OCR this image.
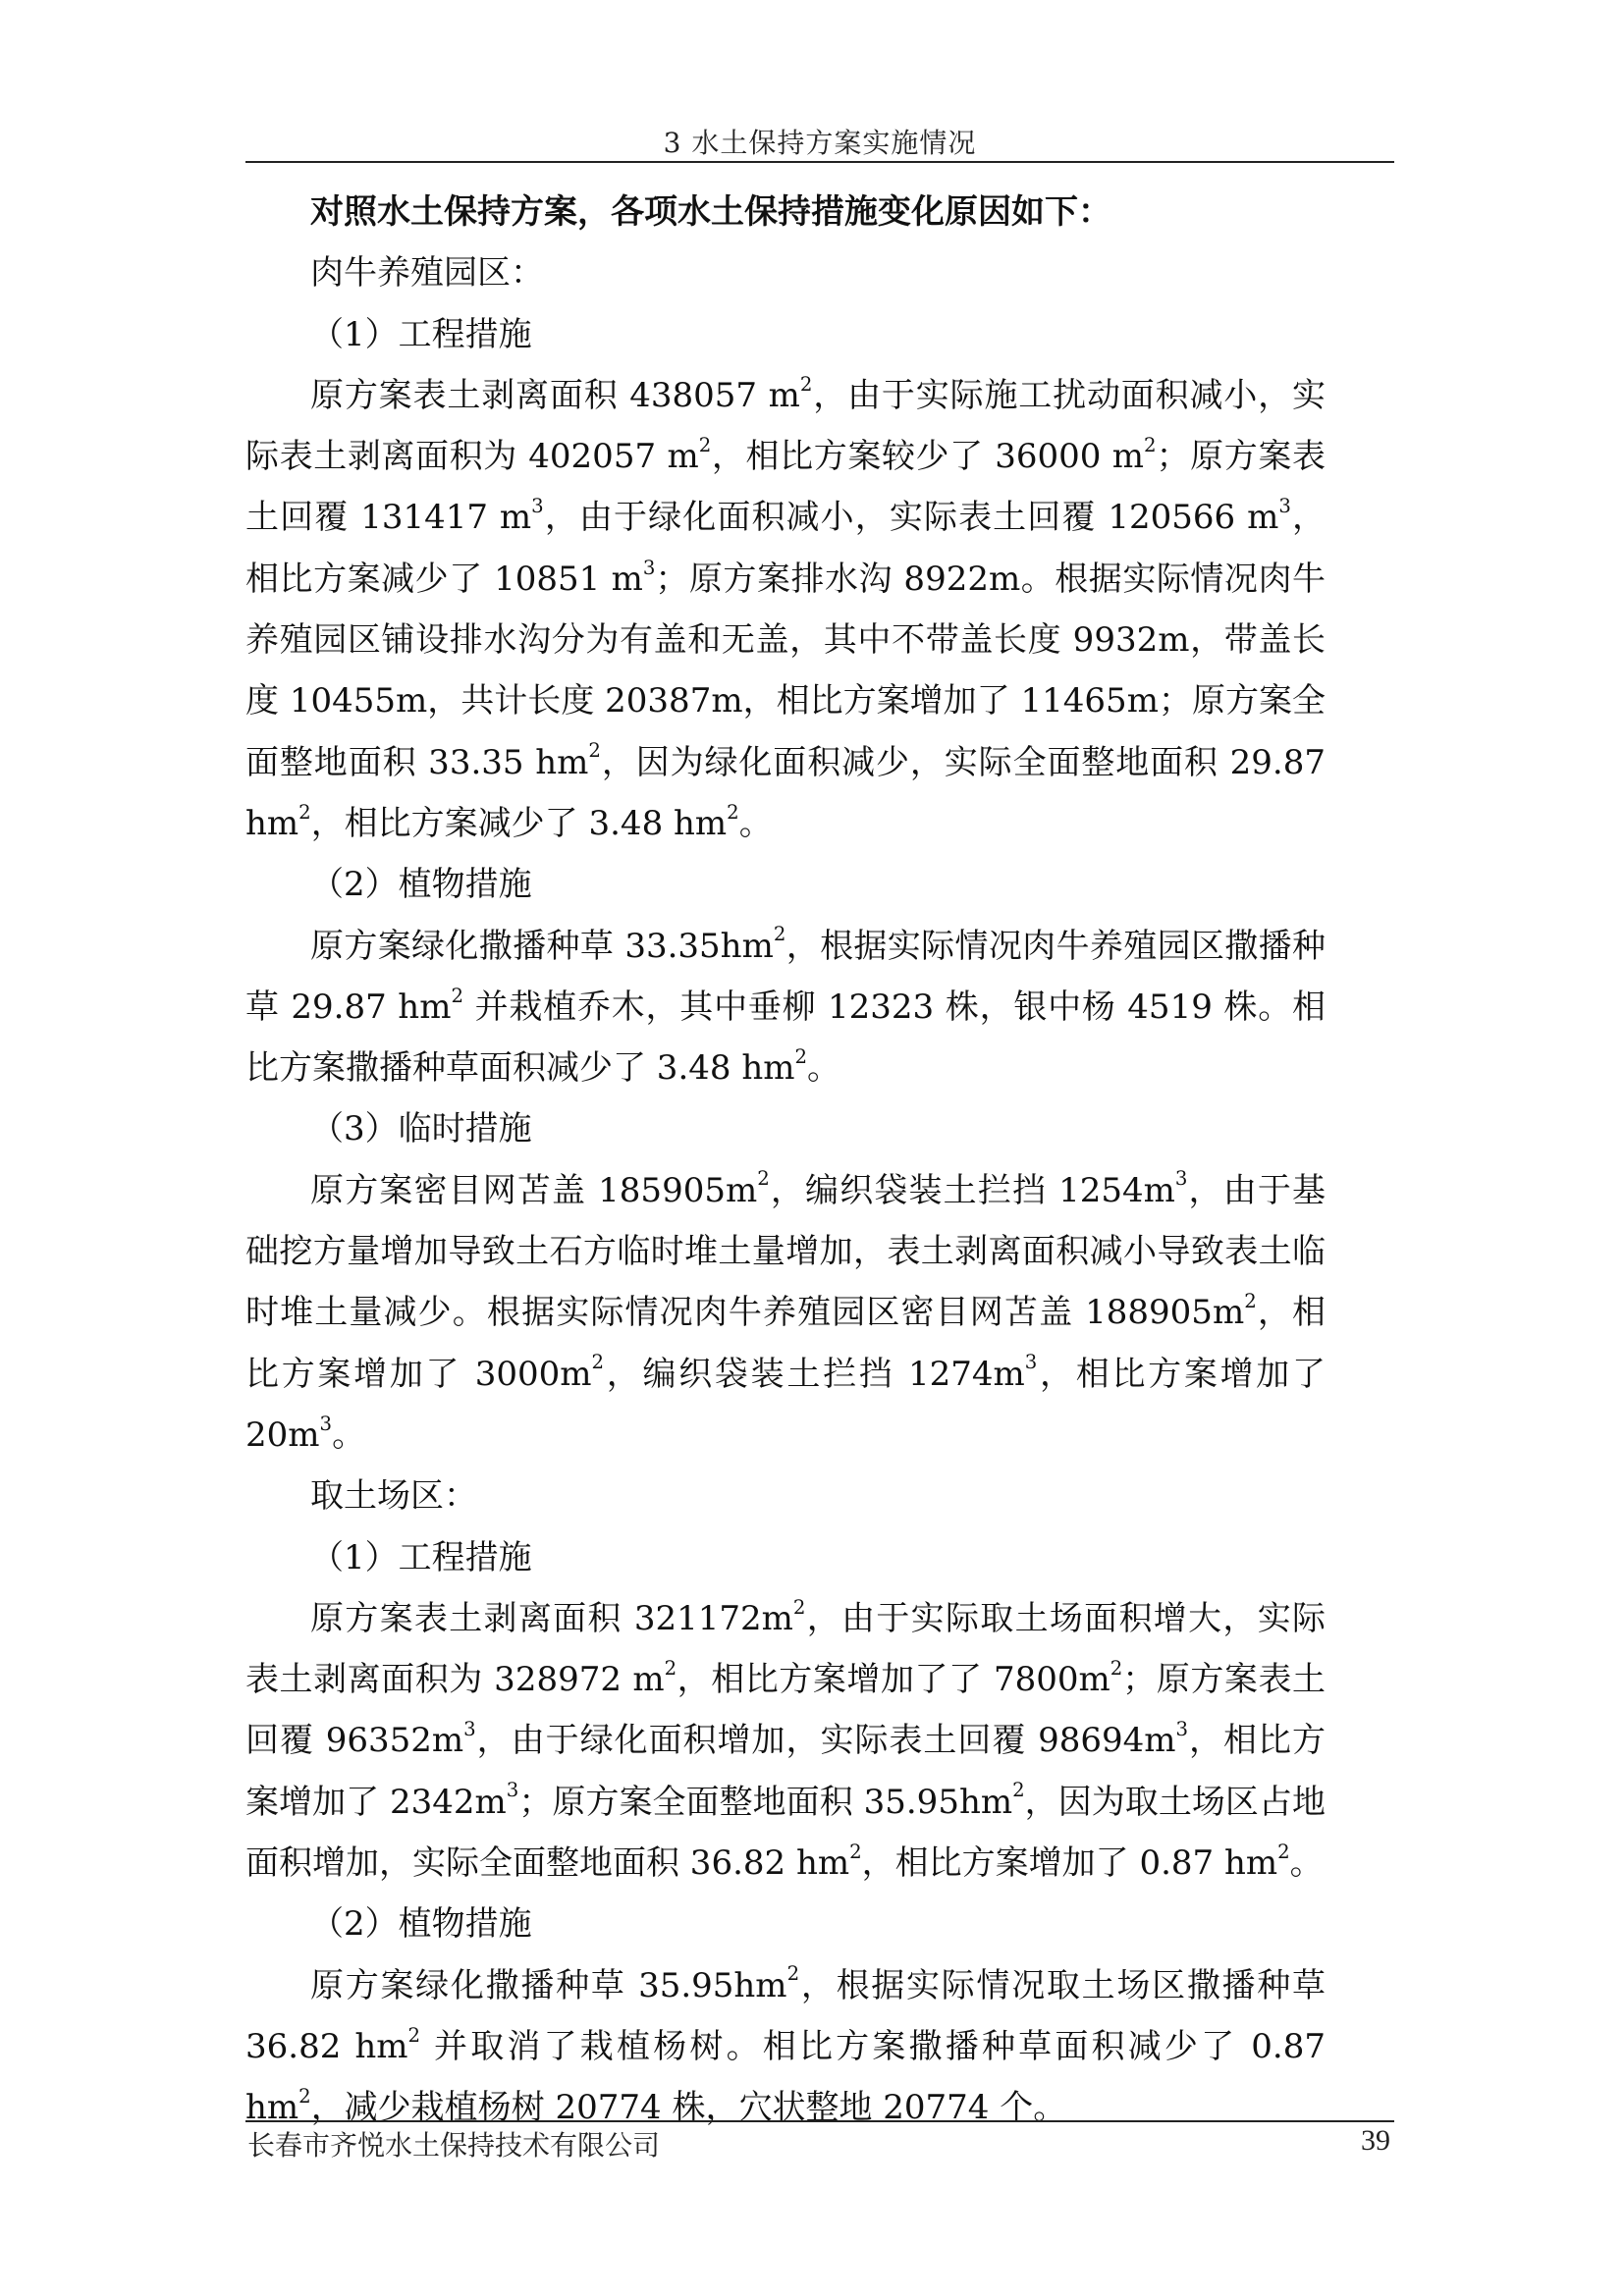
3 水土保持方案实施情况

对照水土保持方案，各项水土保持措施变化原因如下：

肉牛养殖园区：

（1）工程措施

原方案表土剥离面积 438057 $m^2$，由于实际施工扰动面积减小，实际表土剥离面积为 402057 $m^2$，相比方案较少了 36000 $m^2$；原方案表土回覆 131417 $m^3$，由于绿化面积减小，实际表土回覆 120566 $m^3$，相比方案减少了 10851 $m^3$；原方案排水沟 8922m。根据实际情况肉牛养殖园区铺设排水沟分为有盖和无盖，其中不带盖长度 9932m，带盖长度 10455m，共计长度 20387m，相比方案增加了 11465m；原方案全面整地面积 33.35 $hm^2$，因为绿化面积减少，实际全面整地面积 29.87 $hm^2$，相比方案减少了 3.48 $hm^2$。

（2）植物措施

原方案绿化撒播种草 $33.35hm^2$，根据实际情况肉牛养殖园区撒播种草 29.87 $hm^2$ 并栽植乔木，其中垂柳 12323 株，银中杨 4519 株。相比方案撒播种草面积减少了 3.48 $hm^2$。

（3）临时措施

原方案密目网苫盖 $185905m^2$，编织袋装土拦挡 $1254m^3$，由于基础挖方量增加导致土石方临时堆土量增加，表土剥离面积减小导致表土临时堆土量减少。根据实际情况肉牛养殖园区密目网苫盖 $188905m^2$，相比方案增加了 $3000m^2$，编织袋装土拦挡 $1274m^3$，相比方案增加了 $20m^3$。

取土场区：

（1）工程措施

原方案表土剥离面积 $321172m^2$，由于实际取土场面积增大，实际表土剥离面积为 328972 $m^2$，相比方案增加了了 $7800m^2$；原方案表土回覆 $96352m^3$，由于绿化面积增加，实际表土回覆 $98694m^3$，相比方案增加了 $2342m^3$；原方案全面整地面积 $35.95hm^2$，因为取土场区占地面积增加，实际全面整地面积 36.82 $hm^2$，相比方案增加了 0.87 $hm^2$。

（2）植物措施

原方案绿化撒播种草 $35.95hm^2$，根据实际情况取土场区撒播种草 36.82 $hm^2$ 并取消了栽植杨树。相比方案撒播种草面积减少了 0.87 $hm^2$，减少栽植杨树 20774 株，穴状整地 20774 个。

长春市齐悦水土保持技术有限公司	39
